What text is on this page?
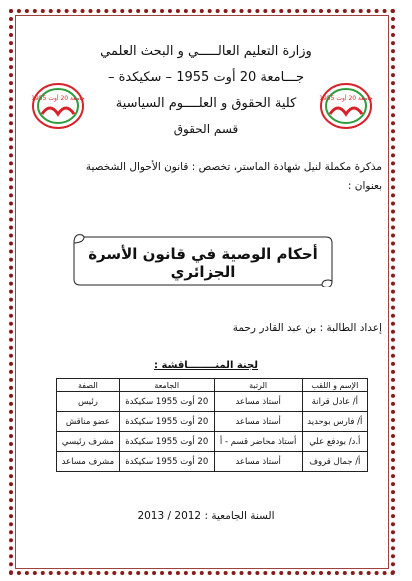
جامعة 20 أوت 1955	جامعة 20 أوت 1955
وزارة التعليم العالـــــي و البحث العلمي
جـــامعة 20 أوت 1955 – سكيكدة –
كلية الحقوق و العلــــوم السياسية
قسم الحقوق
مذكرة مكملة لنيل شهادة الماستر، تخصص : قانون الأحوال الشخصية
بعنوان :
أحكام الوصية في قانون الأسرة الجزائري
إعداد الطالبة : بن عبد القادر رحمة
لجنة المنــــــــاقشة :
الإسم و اللقب	الرتبة	الجامعة	الصفة
أ/ عادل قرانة	أستاذ مساعد	20 أوت 1955 سكيكدة	رئيس
أ/ فارس بوحديد	أستاذ مساعد	20 أوت 1955 سكيكدة	عضو مناقش
أ.د/ بودفع علي	أستاذ محاضر قسم - أ	20 أوت 1955 سكيكدة	مشرف رئيسي
أ/ جمال قروف	أستاذ مساعد	20 أوت 1955 سكيكدة	مشرف مساعد
السنة الجامعية : 2012 / 2013
